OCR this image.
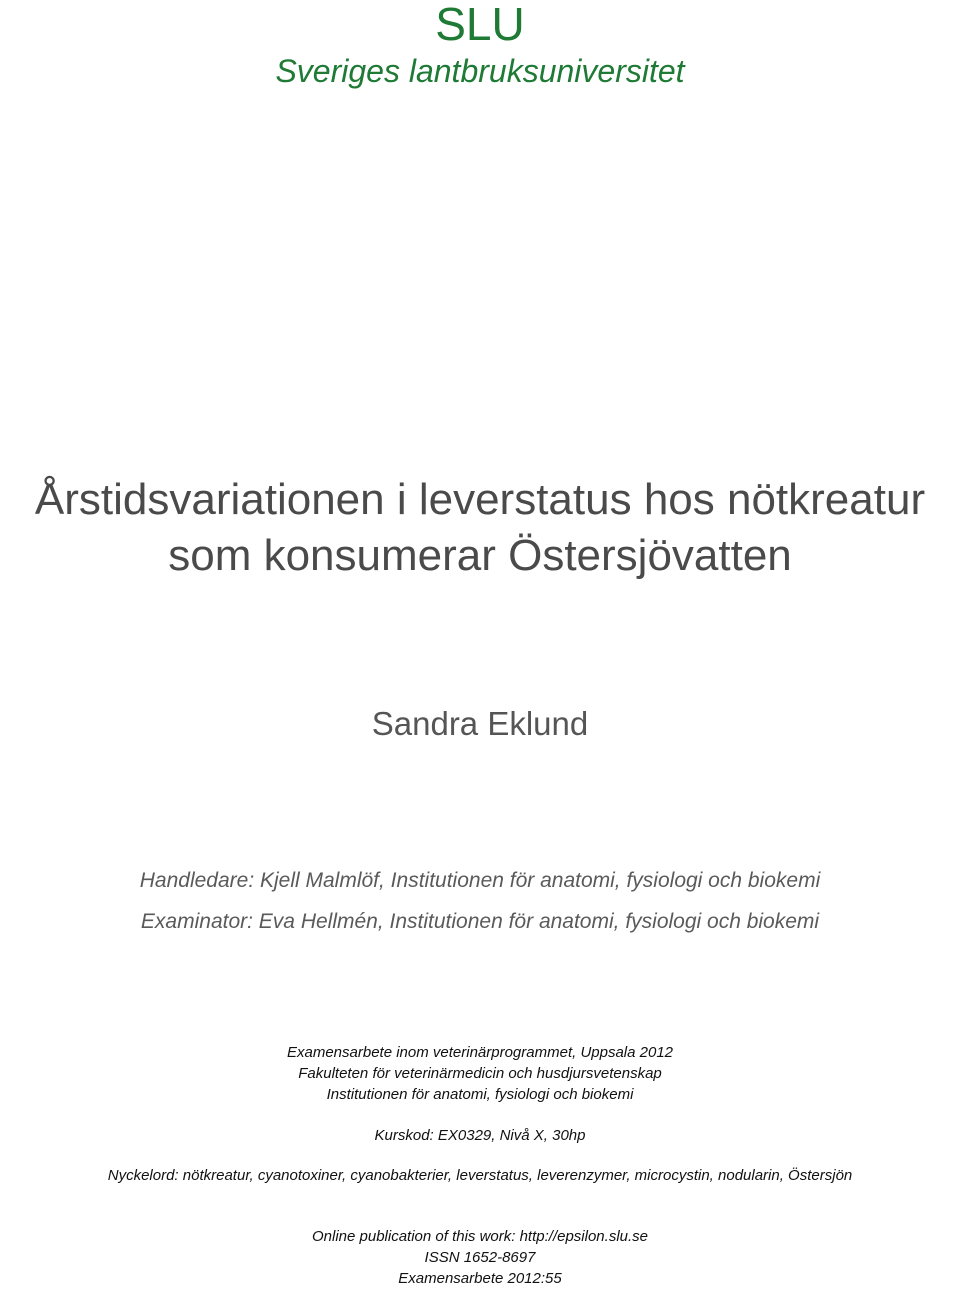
SLU

Sveriges lantbruksuniversitet

Årstidsvariationen i leverstatus hos nötkreatur

som konsumerar Östersjövatten

Sandra Eklund

Handledare: Kjell Malmlöf, Institutionen för anatomi, fysiologi och biokemi

Examinator: Eva Hellmén, Institutionen för anatomi, fysiologi och biokemi

Examensarbete inom veterinärprogrammet, Uppsala 2012

Fakulteten för veterinärmedicin och husdjursvetenskap

Institutionen för anatomi, fysiologi och biokemi

Kurskod: EX0329, Nivå X, 30hp

Nyckelord: nötkreatur, cyanotoxiner, cyanobakterier, leverstatus, leverenzymer, microcystin, nodularin, Östersjön

Online publication of this work: http://epsilon.slu.se

ISSN 1652-8697

Examensarbete 2012:55
